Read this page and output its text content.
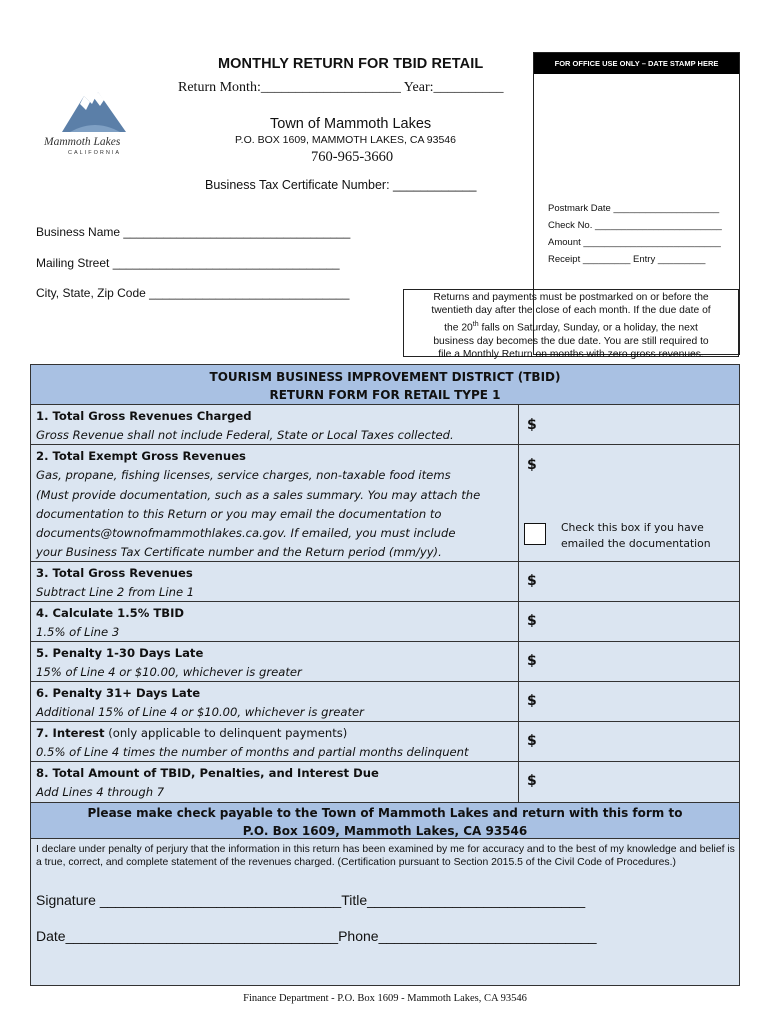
MONTHLY RETURN FOR TBID RETAIL	FOR OFFICE USE ONLY – DATE STAMP HERE
Postmark Date ____________________
Check No. ________________________
Amount __________________________
Receipt _________ Entry _________
Return Month:____________________ Year:__________
Mammoth Lakes
CALIFORNIA
Town of Mammoth Lakes
P.O. BOX 1609, MAMMOTH LAKES, CA 93546
760-965-3660
Business Tax Certificate Number: ____________
Business Name __________________________________
Mailing Street __________________________________
City, State, Zip Code ______________________________	Returns and payments must be postmarked on or before the
twentieth day after the close of each month. If the due date of
the 20th falls on Saturday, Sunday, or a holiday, the next
business day becomes the due date. You are still required to
file a Monthly Return on months with zero gross revenues.
TOURISM BUSINESS IMPROVEMENT DISTRICT (TBID)
RETURN FORM FOR RETAIL TYPE 1
1. Total Gross Revenues Charged
Gross Revenue shall not include Federal, State or Local Taxes collected.
$
2. Total Exempt Gross Revenues
Gas, propane, fishing licenses, service charges, non-taxable food items
(Must provide documentation, such as a sales summary. You may attach the
documentation to this Return or you may email the documentation to
documents@townofmammothlakes.ca.gov. If emailed, you must include
your Business Tax Certificate number and the Return period (mm/yy).
$
Check this box if you have emailed the documentation
3. Total Gross Revenues
Subtract Line 2 from Line 1
$
4. Calculate 1.5% TBID
1.5% of Line 3
$
5. Penalty 1-30 Days Late
15% of Line 4 or $10.00, whichever is greater
$
6. Penalty 31+ Days Late
Additional 15% of Line 4 or $10.00, whichever is greater
$
7. Interest (only applicable to delinquent payments)
0.5% of Line 4 times the number of months and partial months delinquent
$
8. Total Amount of TBID, Penalties, and Interest Due
Add Lines 4 through 7
$
Please make check payable to the Town of Mammoth Lakes and return with this form to
P.O. Box 1609, Mammoth Lakes, CA 93546
I declare under penalty of perjury that the information in this return has been examined by me for accuracy and to the best of my knowledge and belief is a true, correct, and complete statement of the revenues charged. (Certification pursuant to Section 2015.5 of the Civil Code of Procedures.)
Signature _______________________________Title____________________________
Date___________________________________Phone____________________________
Finance Department - P.O. Box 1609 - Mammoth Lakes, CA 93546
